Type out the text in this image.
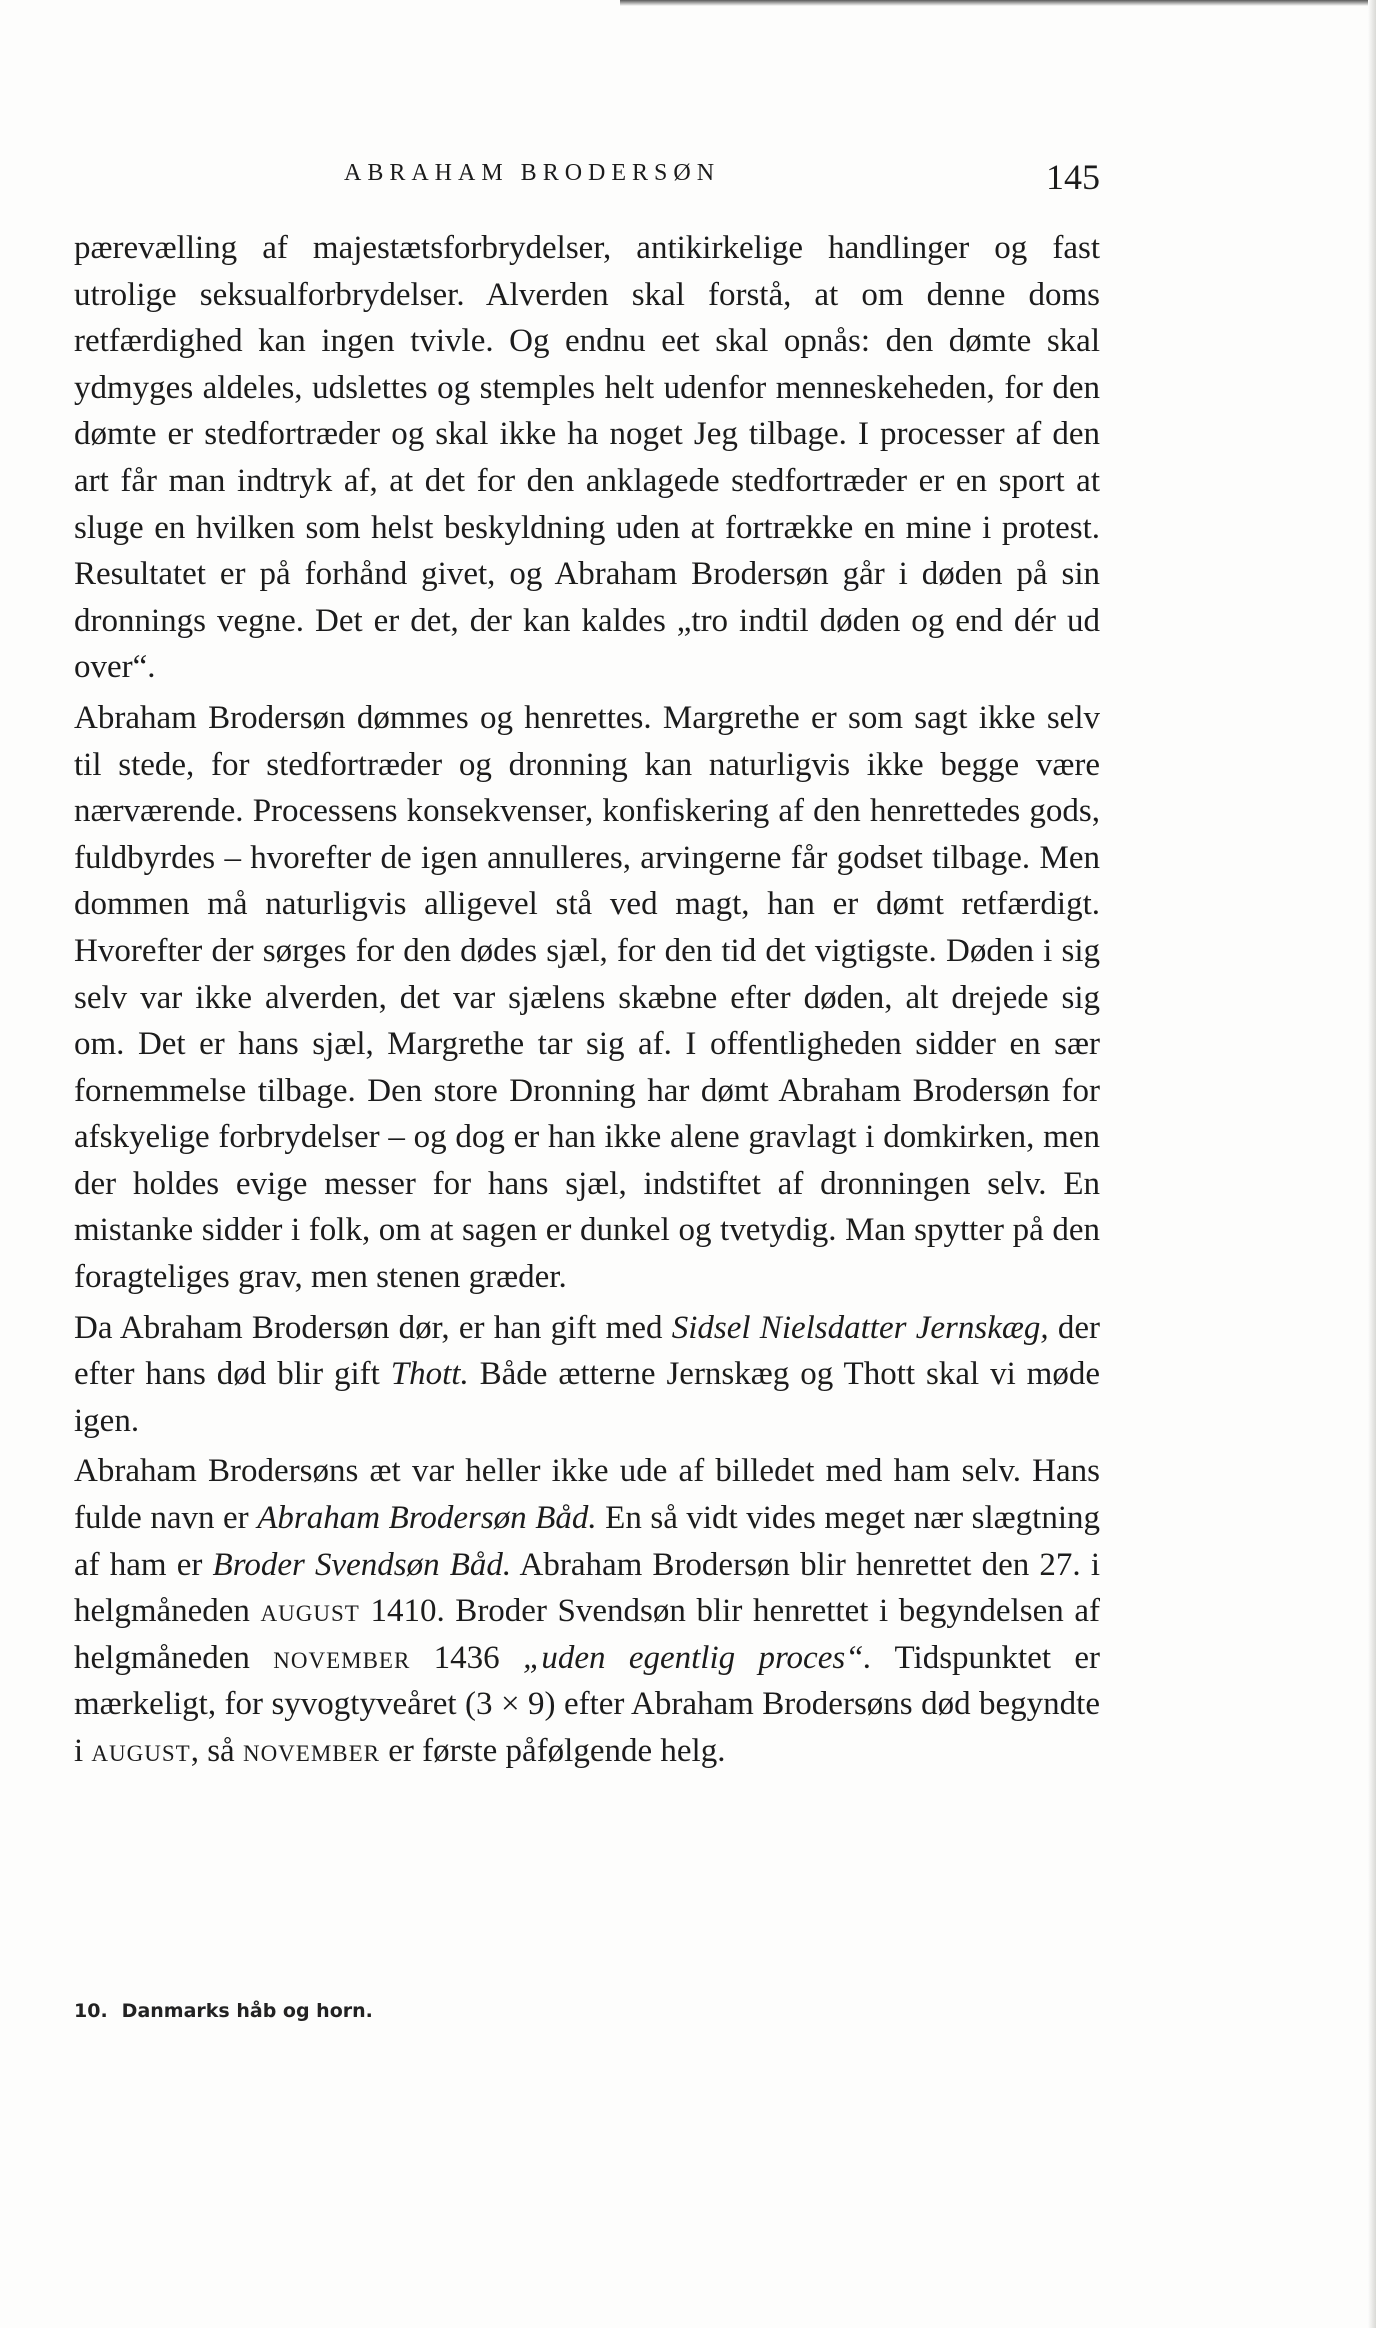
ABRAHAM BRODERSØN	145

pærevælling af majestætsforbrydelser, antikirkelige handlinger og fast utrolige seksualforbrydelser. Alverden skal forstå, at om denne doms retfærdighed kan ingen tvivle. Og endnu eet skal opnås: den dømte skal ydmyges aldeles, udslettes og stemples helt udenfor menneskeheden, for den dømte er stedfortræder og skal ikke ha noget Jeg tilbage. I processer af den art får man indtryk af, at det for den anklagede stedfortræder er en sport at sluge en hvilken som helst beskyldning uden at fortrække en mine i protest. Resultatet er på forhånd givet, og Abraham Brodersøn går i døden på sin dronnings vegne. Det er det, der kan kaldes „tro indtil døden og end dér ud over“.

Abraham Brodersøn dømmes og henrettes. Margrethe er som sagt ikke selv til stede, for stedfortræder og dronning kan naturligvis ikke begge være nærværende. Processens konsekvenser, konfiskering af den henrettedes gods, fuldbyrdes – hvorefter de igen annulleres, arvingerne får godset tilbage. Men dommen må naturligvis alligevel stå ved magt, han er dømt retfærdigt. Hvorefter der sørges for den dødes sjæl, for den tid det vigtigste. Døden i sig selv var ikke alverden, det var sjælens skæbne efter døden, alt drejede sig om. Det er hans sjæl, Margrethe tar sig af. I offentligheden sidder en sær fornemmelse tilbage. Den store Dronning har dømt Abraham Brodersøn for afskyelige forbrydelser – og dog er han ikke alene gravlagt i domkirken, men der holdes evige messer for hans sjæl, indstiftet af dronningen selv. En mistanke sidder i folk, om at sagen er dunkel og tvetydig. Man spytter på den foragteliges grav, men stenen græder.

Da Abraham Brodersøn dør, er han gift med Sidsel Nielsdatter Jernskæg, der efter hans død blir gift Thott. Både ætterne Jernskæg og Thott skal vi møde igen.

Abraham Brodersøns æt var heller ikke ude af billedet med ham selv. Hans fulde navn er Abraham Brodersøn Båd. En så vidt vides meget nær slægtning af ham er Broder Svendsøn Båd. Abraham Brodersøn blir henrettet den 27. i helgmåneden august 1410. Broder Svendsøn blir henrettet i begyndelsen af helgmåneden november 1436 „uden egentlig proces“. Tidspunktet er mærkeligt, for syvogtyveåret (3 × 9) efter Abraham Brodersøns død begyndte i august, så november er første påfølgende helg.

10. Danmarks håb og horn.
